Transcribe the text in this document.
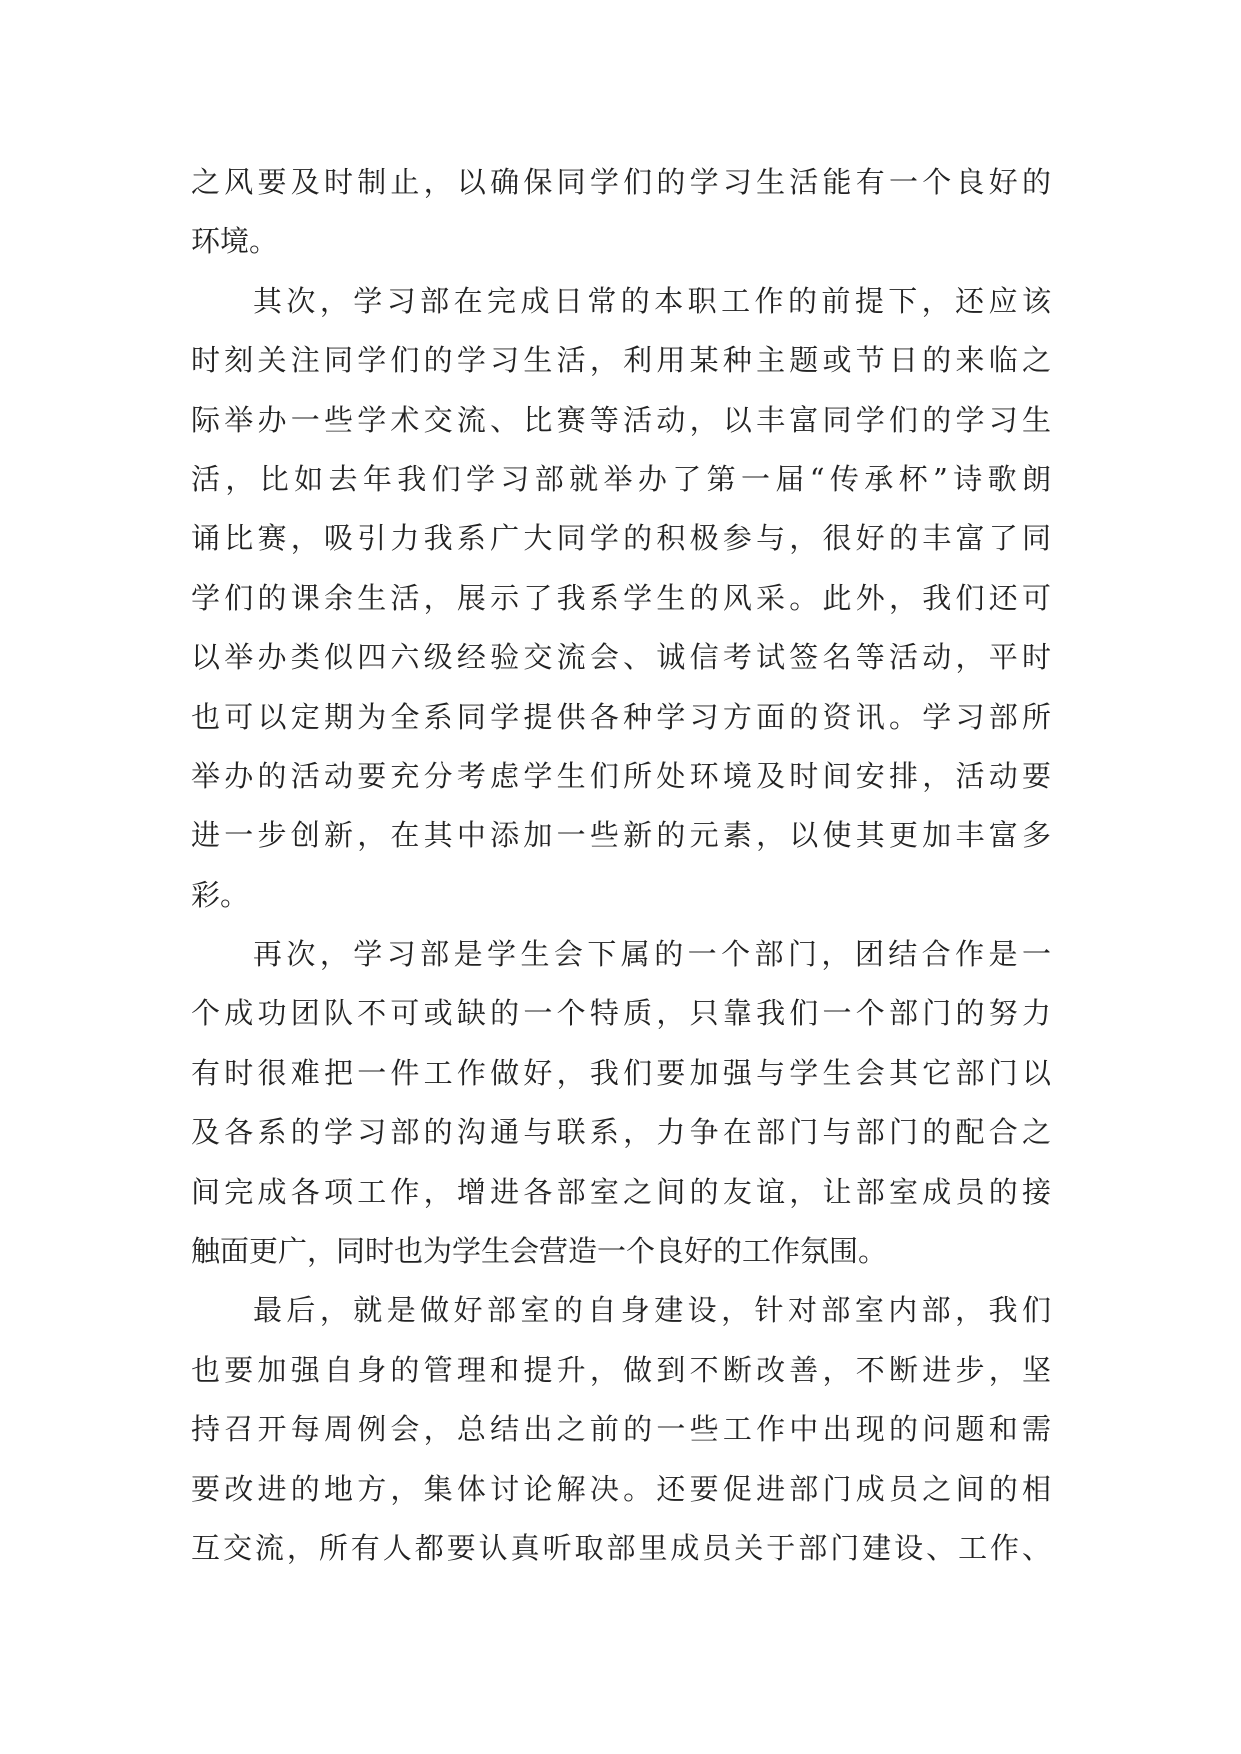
之风要及时制止，以确保同学们的学习生活能有一个良好的
环境。
其次，学习部在完成日常的本职工作的前提下，还应该
时刻关注同学们的学习生活，利用某种主题或节日的来临之
际举办一些学术交流、比赛等活动，以丰富同学们的学习生
活，比如去年我们学习部就举办了第一届“传承杯”诗歌朗
诵比赛，吸引力我系广大同学的积极参与，很好的丰富了同
学们的课余生活，展示了我系学生的风采。此外，我们还可
以举办类似四六级经验交流会、诚信考试签名等活动，平时
也可以定期为全系同学提供各种学习方面的资讯。学习部所
举办的活动要充分考虑学生们所处环境及时间安排，活动要
进一步创新，在其中添加一些新的元素，以使其更加丰富多
彩。
再次，学习部是学生会下属的一个部门，团结合作是一
个成功团队不可或缺的一个特质，只靠我们一个部门的努力
有时很难把一件工作做好，我们要加强与学生会其它部门以
及各系的学习部的沟通与联系，力争在部门与部门的配合之
间完成各项工作，增进各部室之间的友谊，让部室成员的接
触面更广，同时也为学生会营造一个良好的工作氛围。
最后，就是做好部室的自身建设，针对部室内部，我们
也要加强自身的管理和提升，做到不断改善，不断进步，坚
持召开每周例会，总结出之前的一些工作中出现的问题和需
要改进的地方，集体讨论解决。还要促进部门成员之间的相
互交流，所有人都要认真听取部里成员关于部门建设、工作、
